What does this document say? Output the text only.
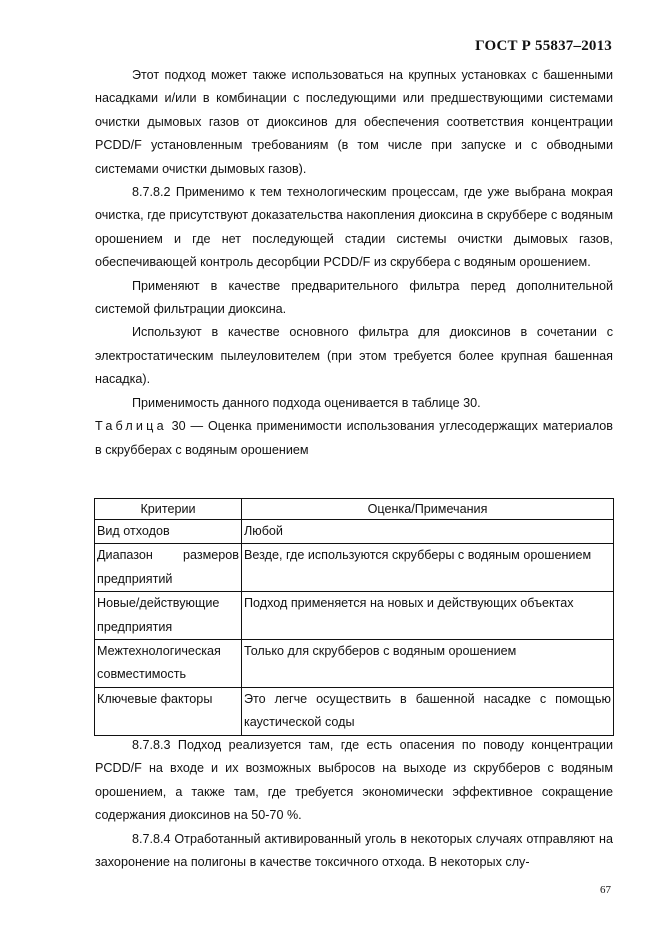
ГОСТ Р 55837–2013

Этот подход может также использоваться на крупных установках с башенными насадками и/или в комбинации с последующими или предшествующими системами очистки дымовых газов от диоксинов для обеспечения соответствия концентрации PCDD/F установленным требованиям (в том числе при запуске и с обводными системами очистки дымовых газов).

8.7.8.2 Применимо к тем технологическим процессам, где уже выбрана мокрая очистка, где присутствуют доказательства накопления диоксина в скруббере с водяным орошением и где нет последующей стадии системы очистки дымовых газов, обеспечивающей контроль десорбции PCDD/F из скруббера с водяным орошением.

Применяют в качестве предварительного фильтра перед дополнительной системой фильтрации диоксина.

Используют в качестве основного фильтра для диоксинов в сочетании с электростатическим пылеуловителем (при этом требуется более крупная башенная насадка).

Применимость данного подхода оценивается в таблице 30.

Таблица 30 — Оценка применимости использования углесодержащих материалов в скрубберах с водяным орошением

Критерии	Оценка/Примечания
Вид отходов	Любой

Диапазон размеров
предприятий	Везде, где используются скрубберы с водяным орошением
Новые/действующие предприятия	Подход применяется на новых и действующих объектах
Межтехнологическая совместимость	Только для скрубберов с водяным орошением
Ключевые факторы	Это легче осуществить в башенной насадке с помощью каустической соды

8.7.8.3 Подход реализуется там, где есть опасения по поводу концентрации PCDD/F на входе и их возможных выбросов на выходе из скрубберов с водяным орошением, а также там, где требуется экономически эффективное сокращение содержания диоксинов на 50-70 %.

8.7.8.4 Отработанный активированный уголь в некоторых случаях отправляют на захоронение на полигоны в качестве токсичного отхода. В некоторых слу-

67
